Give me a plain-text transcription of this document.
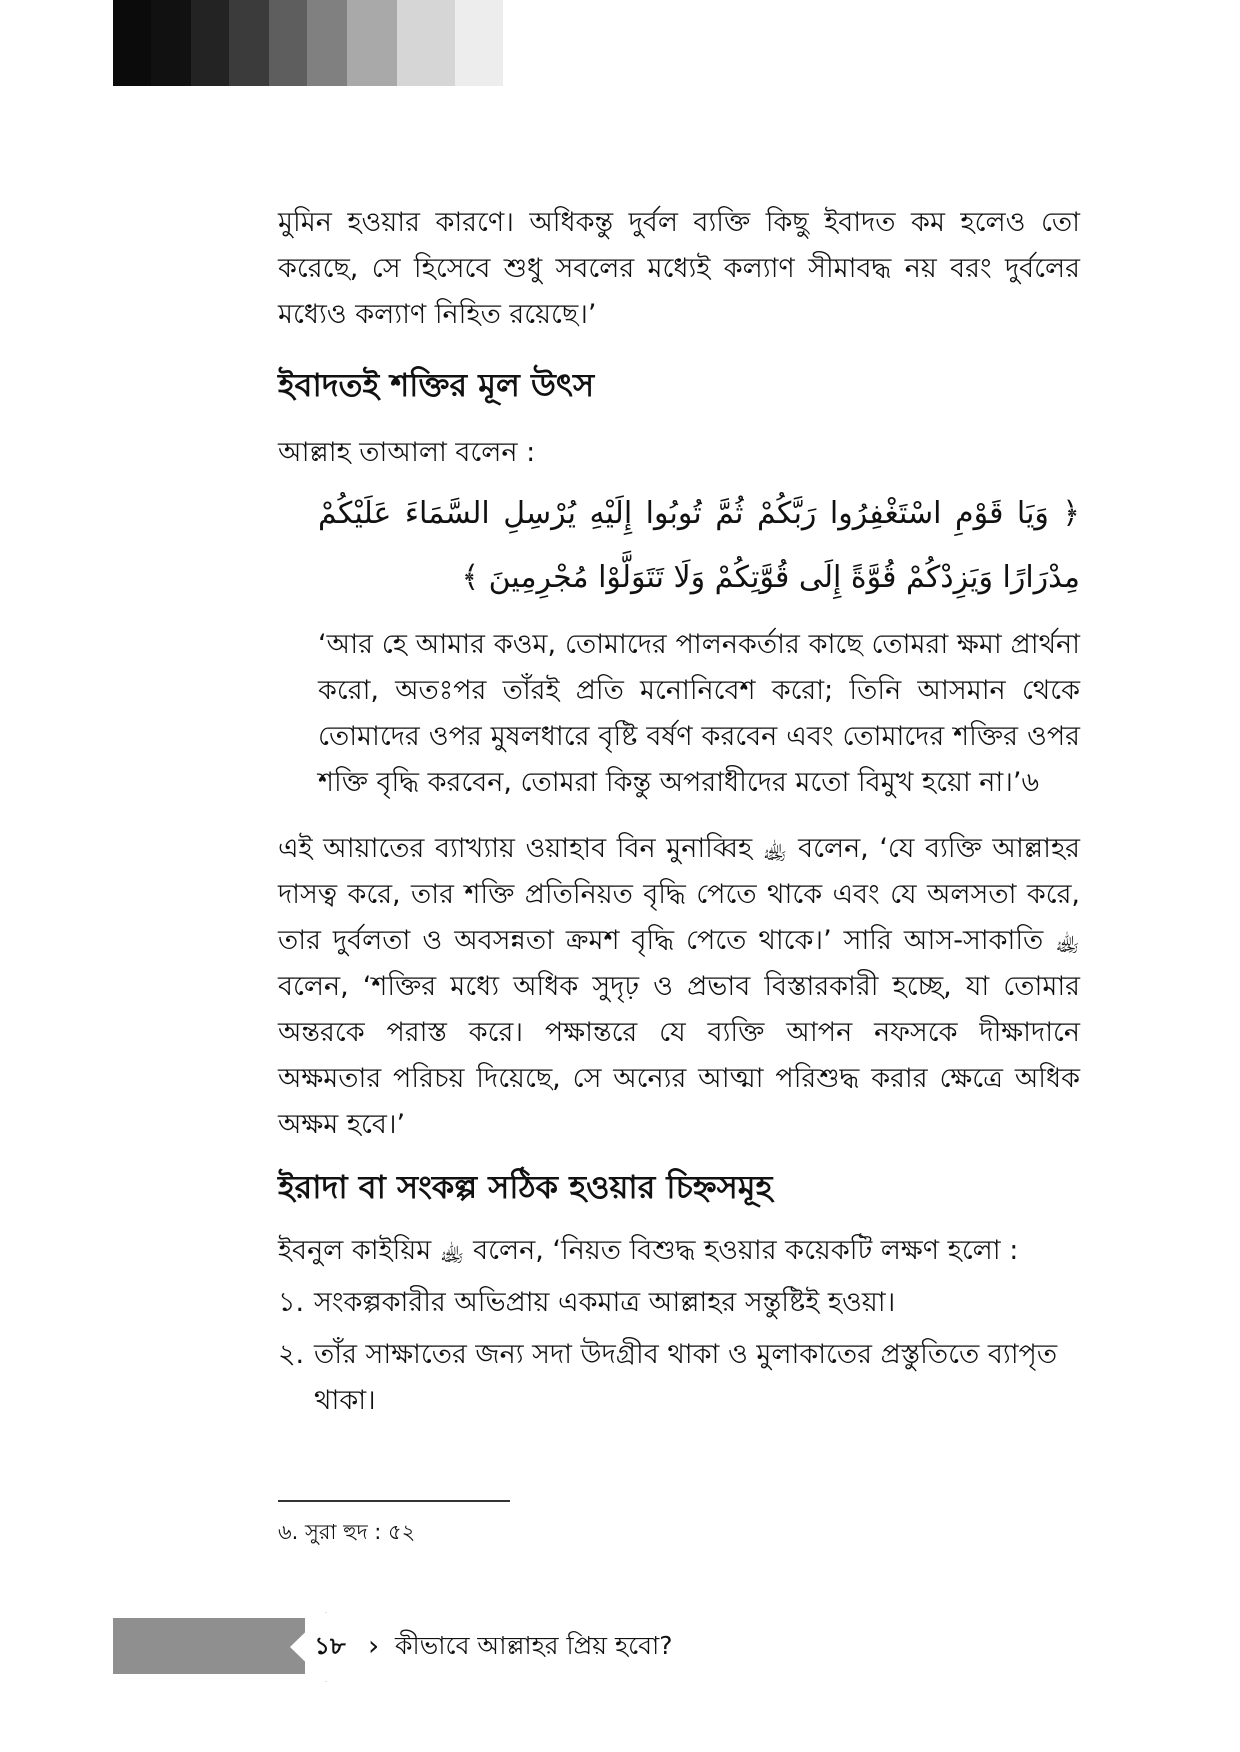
মুমিন হওয়ার কারণে। অধিকন্তু দুর্বল ব্যক্তি কিছু ইবাদত কম হলেও তো করেছে, সে হিসেবে শুধু সবলের মধ্যেই কল্যাণ সীমাবদ্ধ নয় বরং দুর্বলের মধ্যেও কল্যাণ নিহিত রয়েছে।’

ইবাদতই শক্তির মূল উৎস

আল্লাহ তাআলা বলেন :

﴿ وَيَا قَوْمِ اسْتَغْفِرُوا رَبَّكُمْ ثُمَّ تُوبُوا إِلَيْهِ يُرْسِلِ السَّمَاءَ عَلَيْكُمْ مِدْرَارًا وَيَزِدْكُمْ قُوَّةً إِلَى قُوَّتِكُمْ وَلَا تَتَوَلَّوْا مُجْرِمِينَ ﴾

‘আর হে আমার কওম, তোমাদের পালনকর্তার কাছে তোমরা ক্ষমা প্রার্থনা করো, অতঃপর তাঁরই প্রতি মনোনিবেশ করো; তিনি আসমান থেকে তোমাদের ওপর মুষলধারে বৃষ্টি বর্ষণ করবেন এবং তোমাদের শক্তির ওপর শক্তি বৃদ্ধি করবেন, তোমরা কিন্তু অপরাধীদের মতো বিমুখ হয়ো না।’৬

এই আয়াতের ব্যাখ্যায় ওয়াহাব বিন মুনাব্বিহ ﵀ বলেন, ‘যে ব্যক্তি আল্লাহর দাসত্ব করে, তার শক্তি প্রতিনিয়ত বৃদ্ধি পেতে থাকে এবং যে অলসতা করে, তার দুর্বলতা ও অবসন্নতা ক্রমশ বৃদ্ধি পেতে থাকে।’ সারি আস-সাকাতি ﵀ বলেন, ‘শক্তির মধ্যে অধিক সুদৃঢ় ও প্রভাব বিস্তারকারী হচ্ছে, যা তোমার অন্তরকে পরাস্ত করে। পক্ষান্তরে যে ব্যক্তি আপন নফসকে দীক্ষাদানে অক্ষমতার পরিচয় দিয়েছে, সে অন্যের আত্মা পরিশুদ্ধ করার ক্ষেত্রে অধিক অক্ষম হবে।’

ইরাদা বা সংকল্প সঠিক হওয়ার চিহ্নসমূহ

ইবনুল কাইয়িম ﵀ বলেন, ‘নিয়ত বিশুদ্ধ হওয়ার কয়েকটি লক্ষণ হলো :

১. সংকল্পকারীর অভিপ্রায় একমাত্র আল্লাহর সন্তুষ্টিই হওয়া।
২. তাঁর সাক্ষাতের জন্য সদা উদগ্রীব থাকা ও মুলাকাতের প্রস্তুতিতে ব্যাপৃত থাকা।

৬. সুরা হুদ : ৫২

১৮ › কীভাবে আল্লাহর প্রিয় হবো?
